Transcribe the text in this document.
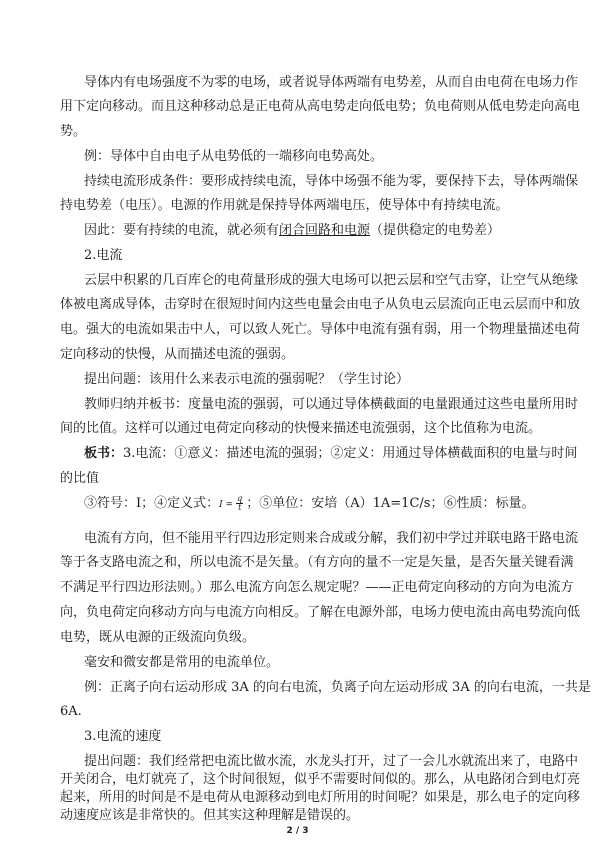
导体内有电场强度不为零的电场，或者说导体两端有电势差，从而自由电荷在电场力作
用下定向移动。而且这种移动总是正电荷从高电势走向低电势；负电荷则从低电势走向高电
势。
例：导体中自由电子从电势低的一端移向电势高处。
持续电流形成条件：要形成持续电流，导体中场强不能为零，要保持下去，导体两端保
持电势差（电压）。电源的作用就是保持导体两端电压，使导体中有持续电流。
因此：要有持续的电流，就必须有闭合回路和电源（提供稳定的电势差）
2.电流
云层中积累的几百库仑的电荷量形成的强大电场可以把云层和空气击穿，让空气从绝缘
体被电离成导体，击穿时在很短时间内这些电量会由电子从负电云层流向正电云层而中和放
电。强大的电流如果击中人，可以致人死亡。导体中电流有强有弱，用一个物理量描述电荷
定向移动的快慢，从而描述电流的强弱。
提出问题：该用什么来表示电流的强弱呢？（学生讨论）
教师归纳并板书：度量电流的强弱，可以通过导体横截面的电量跟通过这些电量所用时
间的比值。这样可以通过电荷定向移动的快慢来描述电流强弱，这个比值称为电流。
板书：3.电流：①意义：描述电流的强弱；②定义：用通过导体横截面积的电量与时间
的比值
③符号：I；④定义式：$I = \frac{q}{t}$ ；⑤单位：安培（A）1A=1C/s；⑥性质：标量。
电流有方向，但不能用平行四边形定则来合成或分解，我们初中学过并联电路干路电流
等于各支路电流之和，所以电流不是矢量。（有方向的量不一定是矢量，是否矢量关键看满
不满足平行四边形法则。）那么电流方向怎么规定呢？——正电荷定向移动的方向为电流方
向，负电荷定向移动方向与电流方向相反。了解在电源外部，电场力使电流由高电势流向低
电势，既从电源的正级流向负级。
毫安和微安都是常用的电流单位。
例：正离子向右运动形成 3A 的向右电流，负离子向左运动形成 3A 的向右电流，一共是
6A.
3.电流的速度
提出问题：我们经常把电流比做水流，水龙头打开，过了一会儿水就流出来了，电路中
2 / 3
开关闭合，电灯就亮了，这个时间很短，似乎不需要时间似的。那么，从电路闭合到电灯亮
起来，所用的时间是不是电荷从电源移动到电灯所用的时间呢？如果是，那么电子的定向移
动速度应该是非常快的。但其实这种理解是错误的。
